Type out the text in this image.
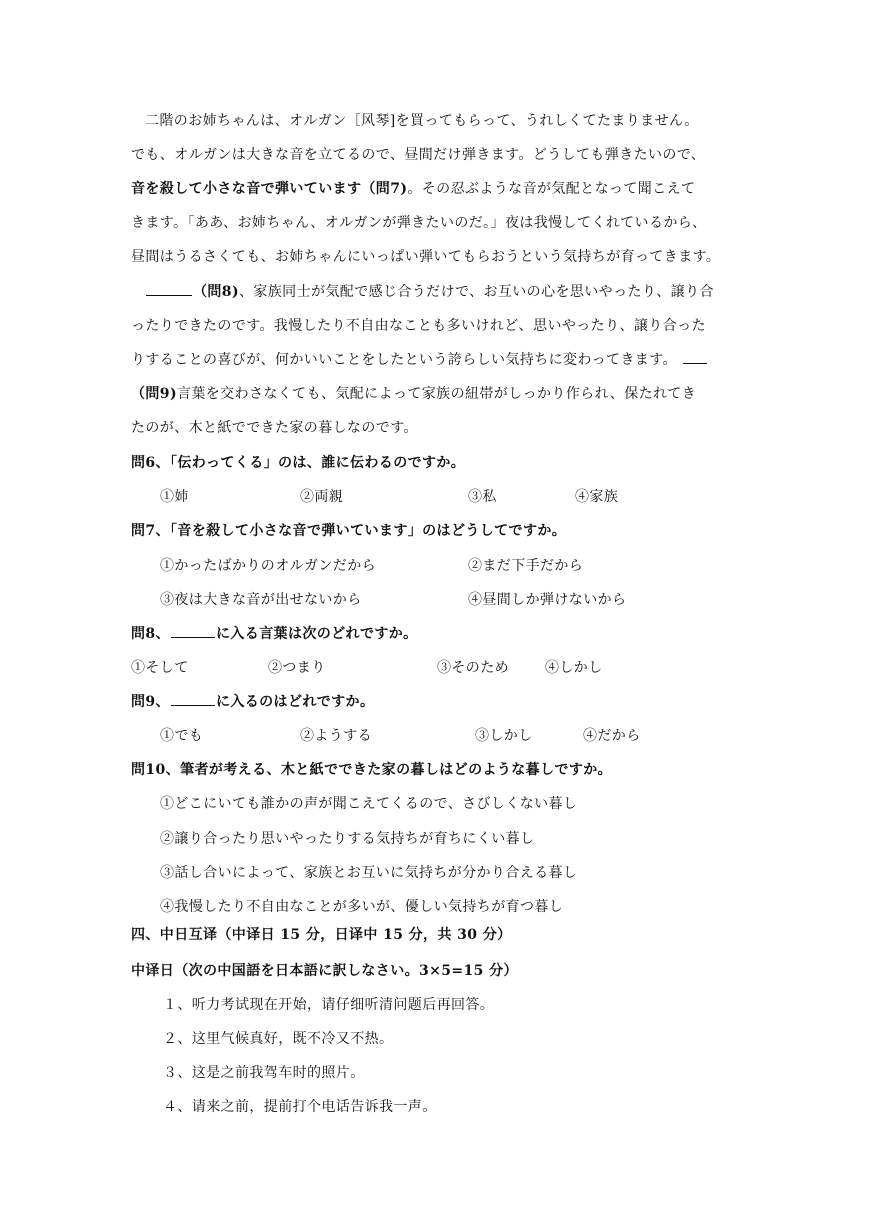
二階のお姉ちゃんは、オルガン［风琴]を買ってもらって、うれしくてたまりません。
でも、オルガンは大きな音を立てるので、昼間だけ弾きます。どうしても弾きたいので、
音を殺して小さな音で弾いています（問7)。その忍ぶような音が気配となって聞こえて
きます。「ああ、お姉ちゃん、オルガンが弾きたいのだ。」夜は我慢してくれているから、
昼間はうるさくても、お姉ちゃんにいっぱい弾いてもらおうという気持ちが育ってきます。
（問8)、家族同士が気配で感じ合うだけで、お互いの心を思いやったり、譲り合
ったりできたのです。我慢したり不自由なことも多いけれど、思いやったり、譲り合った
りすることの喜びが、何かいいことをしたという誇らしい気持ちに変わってきます。
（問9)言葉を交わさなくても、気配によって家族の紐帯がしっかり作られ、保たれてき
たのが、木と紙でできた家の暮しなのです。
問6、「伝わってくる」のは、誰に伝わるのですか。
①姉	②両親	③私	④家族
問7、「音を殺して小さな音で弾いています」のはどうしてですか。
①かったばかりのオルガンだから	②まだ下手だから
③夜は大きな音が出せないから	④昼間しか弾けないから
問8、	に入る言葉は次のどれですか。
①そして	②つまり	③そのため	④しかし
問9、	に入るのはどれですか。
①でも	②ようする	③しかし	④だから
問10、筆者が考える、木と紙でできた家の暮しはどのような暮しですか。
①どこにいても誰かの声が聞こえてくるので、さびしくない暮し
②譲り合ったり思いやったりする気持ちが育ちにくい暮し
③話し合いによって、家族とお互いに気持ちが分かり合える暮し
④我慢したり不自由なことが多いが、優しい気持ちが育つ暮し
四、中日互译（中译日 15 分，日译中 15 分，共 30 分）
中译日（次の中国語を日本語に訳しなさい。3×5=15 分）
１、听力考试现在开始，请仔细听清问题后再回答。
２、这里气候真好，既不冷又不热。
３、这是之前我驾车时的照片。
４、请来之前，提前打个电话告诉我一声。
